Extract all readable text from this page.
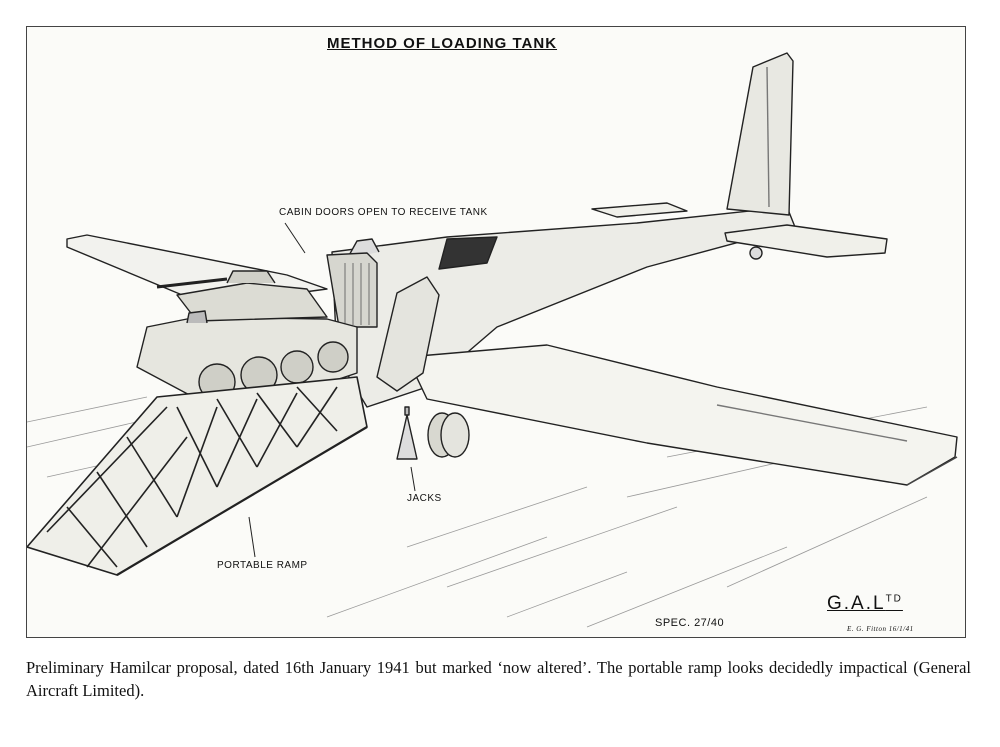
METHOD OF LOADING TANK
CABIN DOORS OPEN TO RECEIVE TANK
JACKS
PORTABLE RAMP
SPEC. 27/40
$G.A.L^{TD}$
E. G. Fitton 16/1/41
Preliminary Hamilcar proposal, dated 16th January 1941 but marked ‘now altered’. The portable ramp looks decidedly impactical (General Aircraft Limited).
